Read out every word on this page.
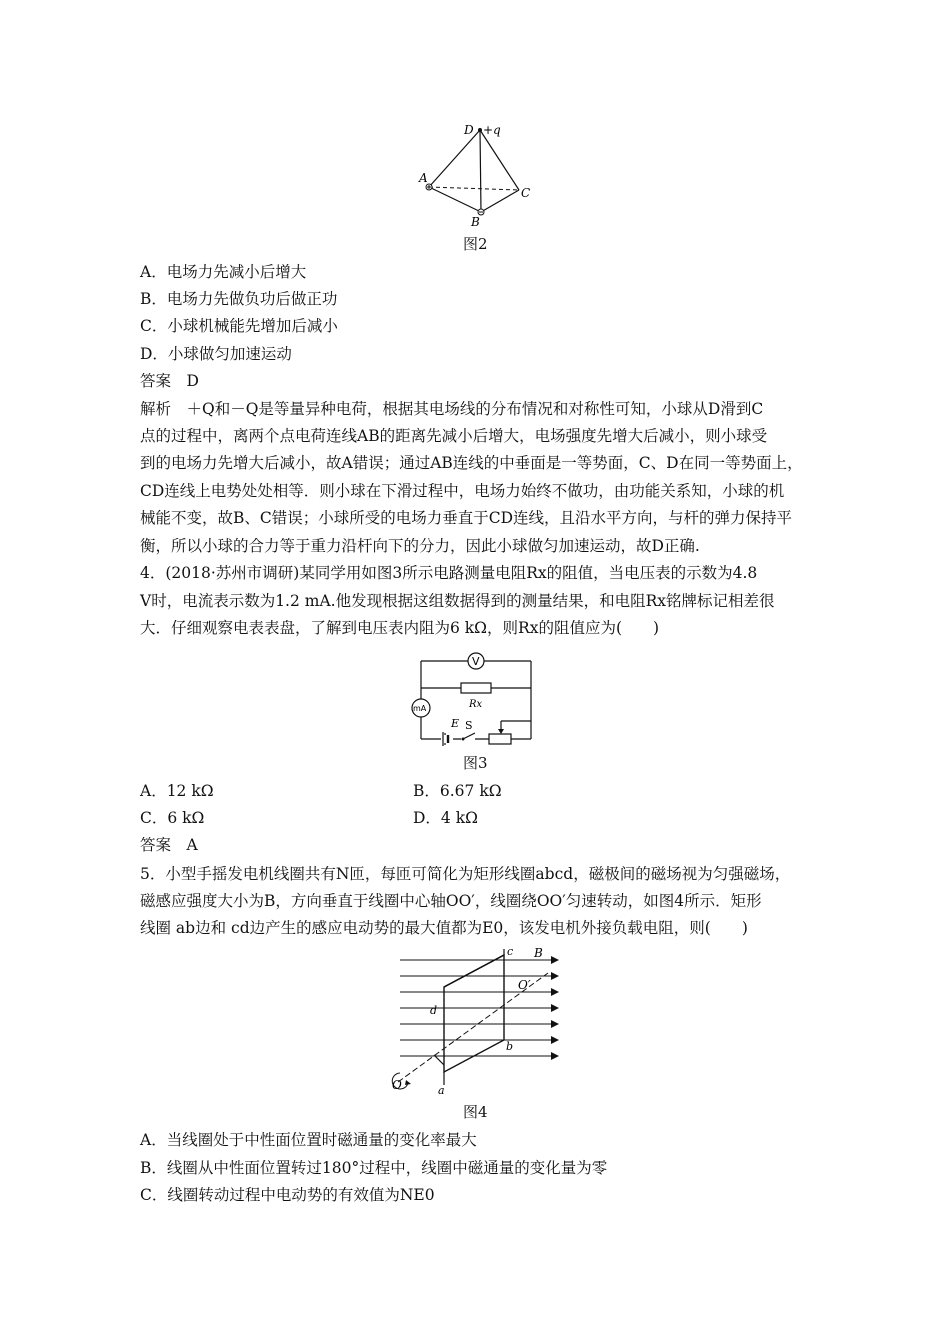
D +q
A
B
C
图2
A．电场力先减小后增大
B．电场力先做负功后做正功
C．小球机械能先增加后减小
D．小球做匀加速运动
答案　D
解析　＋Q和－Q是等量异种电荷，根据其电场线的分布情况和对称性可知，小球从D滑到C
点的过程中，离两个点电荷连线AB的距离先减小后增大，电场强度先增大后减小，则小球受
到的电场力先增大后减小，故A错误；通过AB连线的中垂面是一等势面，C、D在同一等势面上，
CD连线上电势处处相等．则小球在下滑过程中，电场力始终不做功，由功能关系知，小球的机
械能不变，故B、C错误；小球所受的电场力垂直于CD连线，且沿水平方向，与杆的弹力保持平
衡，所以小球的合力等于重力沿杆向下的分力，因此小球做匀加速运动，故D正确.
4．(2018·苏州市调研)某同学用如图3所示电路测量电阻Rx的阻值，当电压表的示数为4.8
V时，电流表示数为1.2 mA.他发现根据这组数据得到的测量结果，和电阻Rx铭牌标记相差很
大．仔细观察电表表盘，了解到电压表内阻为6 kΩ，则Rx的阻值应为(　　)
V
Rx
mA
E S
图3
A．12 kΩ	B．6.67 kΩ
C．6 kΩ	D．4 kΩ
答案　A
5．小型手摇发电机线圈共有N匝，每匝可简化为矩形线圈abcd，磁极间的磁场视为匀强磁场，
磁感应强度大小为B，方向垂直于线圈中心轴OO′，线圈绕OO′匀速转动，如图4所示．矩形
线圈 ab边和 cd边产生的感应电动势的最大值都为E0，该发电机外接负载电阻，则(　　)
c B
O′
d
b
O	a
图4
A．当线圈处于中性面位置时磁通量的变化率最大
B．线圈从中性面位置转过180°过程中，线圈中磁通量的变化量为零
C．线圈转动过程中电动势的有效值为NE0
